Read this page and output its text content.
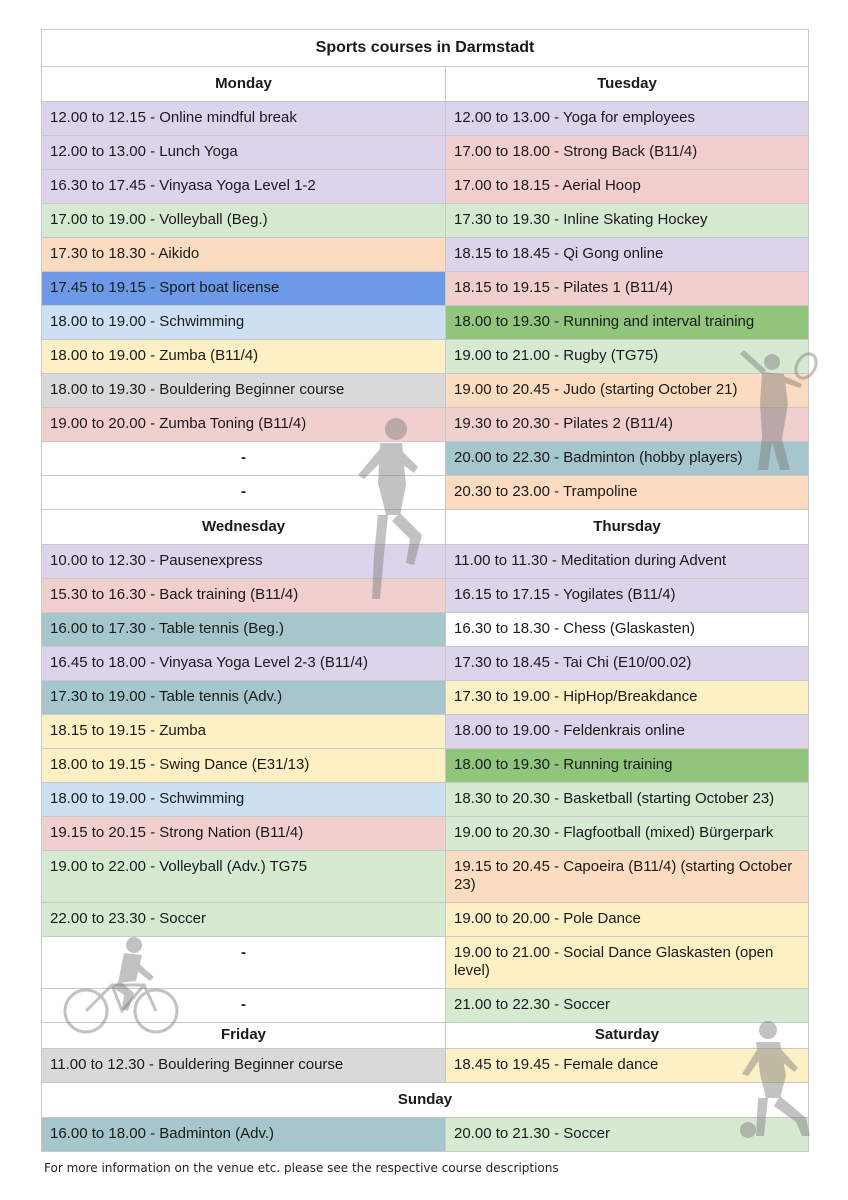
Sports courses in Darmstadt	
Monday	Tuesday
12.00 to 12.15 - Online mindful break	12.00 to 13.00 - Yoga for employees
12.00 to 13.00 - Lunch Yoga	17.00 to 18.00 - Strong Back (B11/4)
16.30 to 17.45 - Vinyasa Yoga Level 1-2	17.00 to 18.15 - Aerial Hoop
17.00 to 19.00 - Volleyball (Beg.)	17.30 to 19.30 - Inline Skating Hockey
17.30 to 18.30 - Aikido	18.15 to 18.45 - Qi Gong online
17.45 to 19.15 - Sport boat license	18.15 to 19.15 - Pilates 1 (B11/4)
18.00 to 19.00 - Schwimming	18.00 to 19.30 - Running and interval training
18.00 to 19.00 - Zumba (B11/4)	19.00 to 21.00 - Rugby (TG75)
18.00 to 19.30 - Bouldering Beginner course	19.00 to 20.45 - Judo (starting October 21)
19.00 to 20.00 - Zumba Toning (B11/4)	19.30 to 20.30 - Pilates 2 (B11/4)
-	20.00 to 22.30 - Badminton (hobby players)
-	20.30 to 23.00 - Trampoline
Wednesday	Thursday
10.00 to 12.30 - Pausenexpress	11.00 to 11.30 - Meditation during Advent
15.30 to 16.30 - Back training (B11/4)	16.15 to 17.15 - Yogilates (B11/4)
16.00 to 17.30 - Table tennis (Beg.)	16.30 to 18.30 - Chess (Glaskasten)
16.45 to 18.00 - Vinyasa Yoga Level 2-3 (B11/4)	17.30 to 18.45 - Tai Chi (E10/00.02)
17.30 to 19.00 - Table tennis (Adv.)	17.30 to 19.00 - HipHop/Breakdance
18.15 to 19.15 - Zumba	18.00 to 19.00 - Feldenkrais online
18.00 to 19.15 - Swing Dance (E31/13)	18.00 to 19.30 - Running training
18.00 to 19.00 - Schwimming	18.30 to 20.30 - Basketball (starting October 23)
19.15 to 20.15 - Strong Nation (B11/4)	19.00 to 20.30 - Flagfootball (mixed) Bürgerpark
19.00 to 22.00 - Volleyball (Adv.) TG75	19.15 to 20.45 - Capoeira (B11/4) (starting October 23)
22.00 to 23.30 - Soccer	19.00 to 20.00 - Pole Dance
-	19.00 to 21.00 - Social Dance Glaskasten (open level)
-	21.00 to 22.30 - Soccer
Friday	Saturday
11.00 to 12.30 - Bouldering Beginner course	18.45 to 19.45 - Female dance
Sunday	
16.00 to 18.00 - Badminton (Adv.)	20.00 to 21.30 - Soccer
For more information on the venue etc. please see the respective course descriptions
